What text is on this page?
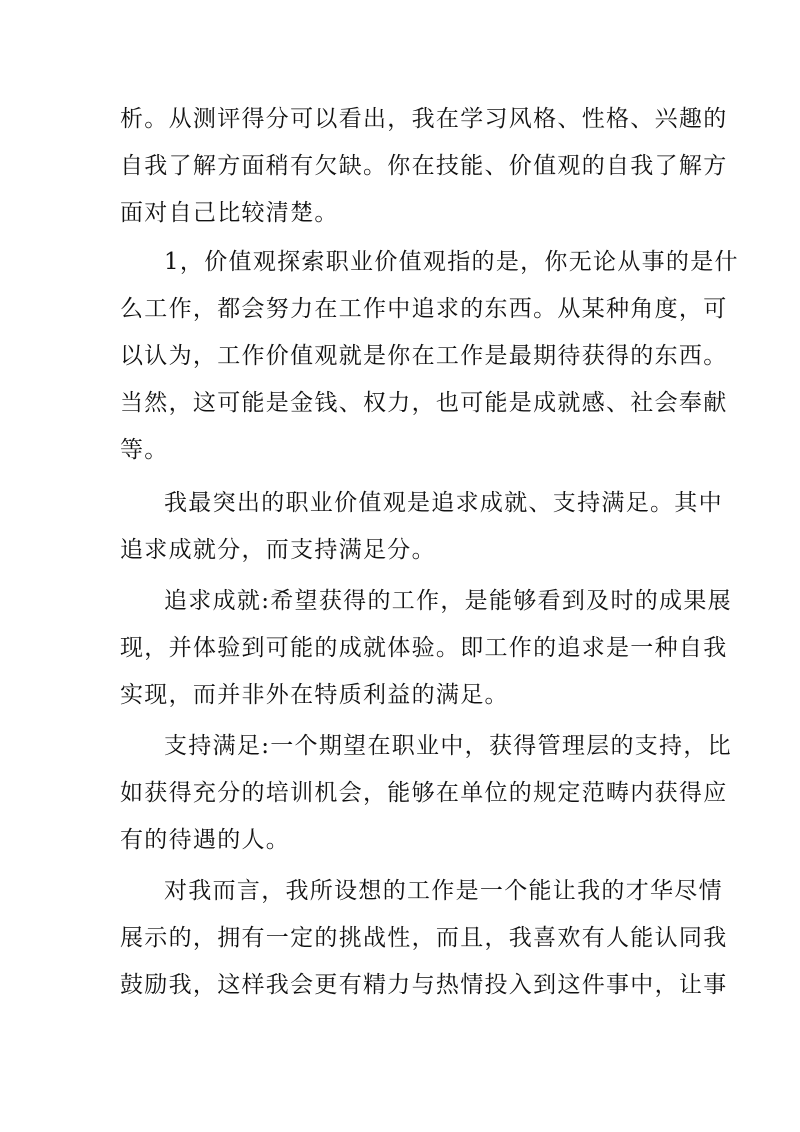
析。从测评得分可以看出，我在学习风格、性格、兴趣的
自我了解方面稍有欠缺。你在技能、价值观的自我了解方
面对自己比较清楚。
1，价值观探索职业价值观指的是，你无论从事的是什
么工作，都会努力在工作中追求的东西。从某种角度，可
以认为，工作价值观就是你在工作是最期待获得的东西。
当然，这可能是金钱、权力，也可能是成就感、社会奉献
等。
我最突出的职业价值观是追求成就、支持满足。其中
追求成就分，而支持满足分。
追求成就:希望获得的工作，是能够看到及时的成果展
现，并体验到可能的成就体验。即工作的追求是一种自我
实现，而并非外在特质利益的满足。
支持满足:一个期望在职业中，获得管理层的支持，比
如获得充分的培训机会，能够在单位的规定范畴内获得应
有的待遇的人。
对我而言，我所设想的工作是一个能让我的才华尽情
展示的，拥有一定的挑战性，而且，我喜欢有人能认同我
鼓励我，这样我会更有精力与热情投入到这件事中，让事
